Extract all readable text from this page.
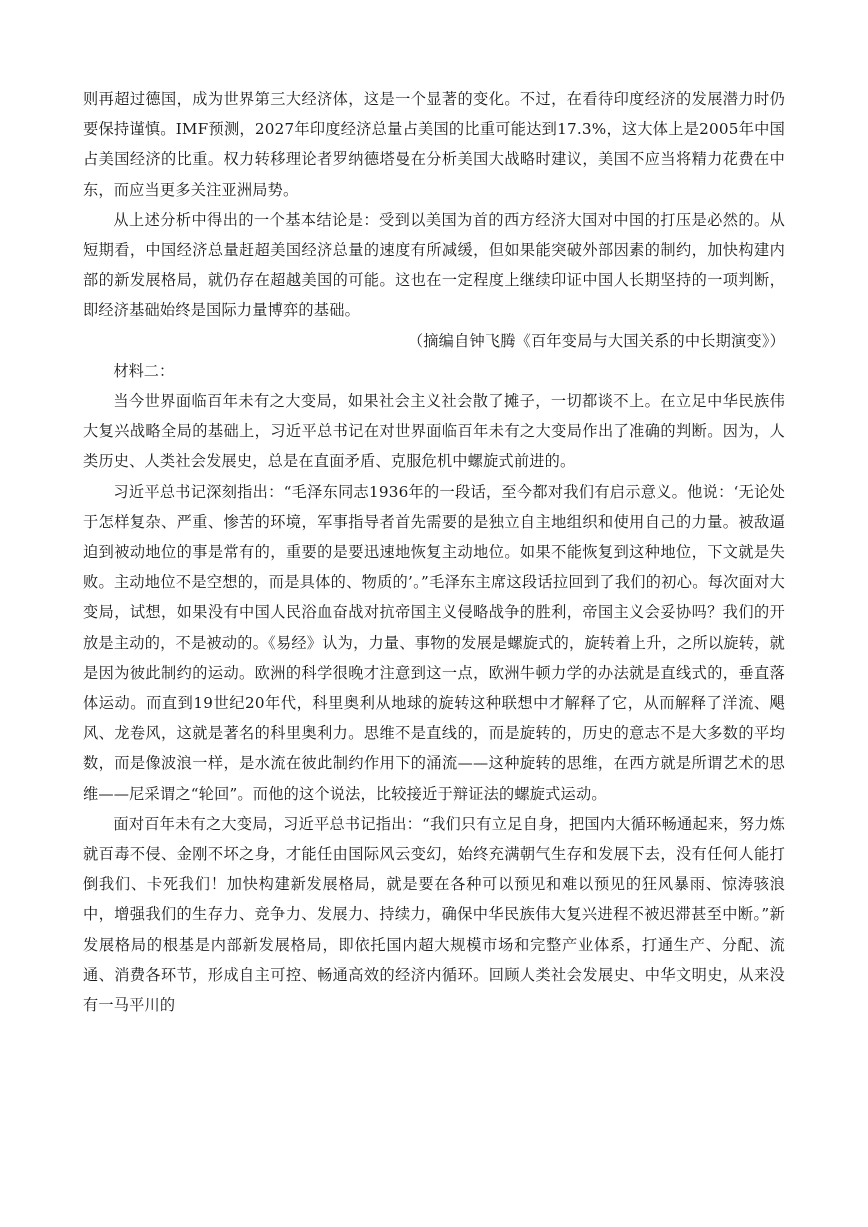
则再超过德国，成为世界第三大经济体，这是一个显著的变化。不过，在看待印度经济的发展潜力时仍要保持谨慎。IMF预测，2027年印度经济总量占美国的比重可能达到17.3%，这大体上是2005年中国占美国经济的比重。权力转移理论者罗纳德塔曼在分析美国大战略时建议，美国不应当将精力花费在中东，而应当更多关注亚洲局势。

从上述分析中得出的一个基本结论是：受到以美国为首的西方经济大国对中国的打压是必然的。从短期看，中国经济总量赶超美国经济总量的速度有所减缓，但如果能突破外部因素的制约，加快构建内部的新发展格局，就仍存在超越美国的可能。这也在一定程度上继续印证中国人长期坚持的一项判断，即经济基础始终是国际力量博弈的基础。

（摘编自钟飞腾《百年变局与大国关系的中长期演变》）

材料二：

当今世界面临百年未有之大变局，如果社会主义社会散了摊子，一切都谈不上。在立足中华民族伟大复兴战略全局的基础上，习近平总书记在对世界面临百年未有之大变局作出了准确的判断。因为，人类历史、人类社会发展史，总是在直面矛盾、克服危机中螺旋式前进的。

习近平总书记深刻指出：“毛泽东同志1936年的一段话，至今都对我们有启示意义。他说：‘无论处于怎样复杂、严重、惨苦的环境，军事指导者首先需要的是独立自主地组织和使用自己的力量。被敌逼迫到被动地位的事是常有的，重要的是要迅速地恢复主动地位。如果不能恢复到这种地位，下文就是失败。主动地位不是空想的，而是具体的、物质的’。”毛泽东主席这段话拉回到了我们的初心。每次面对大变局，试想，如果没有中国人民浴血奋战对抗帝国主义侵略战争的胜利，帝国主义会妥协吗？我们的开放是主动的，不是被动的。《易经》认为，力量、事物的发展是螺旋式的，旋转着上升，之所以旋转，就是因为彼此制约的运动。欧洲的科学很晚才注意到这一点，欧洲牛顿力学的办法就是直线式的，垂直落体运动。而直到19世纪20年代，科里奥利从地球的旋转这种联想中才解释了它，从而解释了洋流、飓风、龙卷风，这就是著名的科里奥利力。思维不是直线的，而是旋转的，历史的意志不是大多数的平均数，而是像波浪一样，是水流在彼此制约作用下的涌流——这种旋转的思维，在西方就是所谓艺术的思维——尼采谓之“轮回”。而他的这个说法，比较接近于辩证法的螺旋式运动。

面对百年未有之大变局，习近平总书记指出：“我们只有立足自身，把国内大循环畅通起来，努力炼就百毒不侵、金刚不坏之身，才能任由国际风云变幻，始终充满朝气生存和发展下去，没有任何人能打倒我们、卡死我们！加快构建新发展格局，就是要在各种可以预见和难以预见的狂风暴雨、惊涛骇浪中，增强我们的生存力、竞争力、发展力、持续力，确保中华民族伟大复兴进程不被迟滞甚至中断。”新发展格局的根基是内部新发展格局，即依托国内超大规模市场和完整产业体系，打通生产、分配、流通、消费各环节，形成自主可控、畅通高效的经济内循环。回顾人类社会发展史、中华文明史，从来没有一马平川的
